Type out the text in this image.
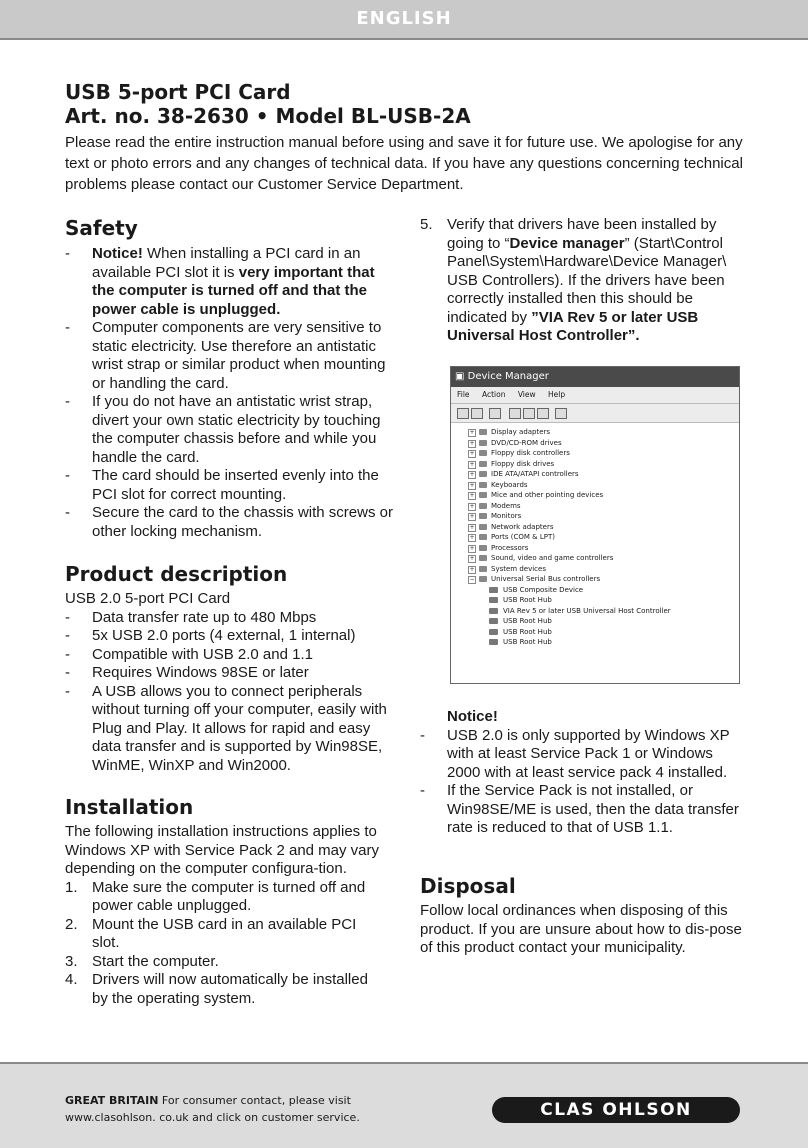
ENGLISH
USB 5-port PCI Card
Art. no. 38-2630 • Model BL-USB-2A

Please read the entire instruction manual before using and save it for future use. We apologise for any text or photo errors and any changes of technical data. If you have any questions concerning technical problems please contact our Customer Service Department.

Safety
- Notice! When installing a PCI card in an available PCI slot it is very important that the computer is turned off and that the power cable is unplugged.
- Computer components are very sensitive to static electricity. Use therefore an antistatic wrist strap or similar product when mounting or handling the card.
- If you do not have an antistatic wrist strap, divert your own static electricity by touching the computer chassis before and while you handle the card.
- The card should be inserted evenly into the PCI slot for correct mounting.
- Secure the card to the chassis with screws or other locking mechanism.
Product description

USB 2.0 5-port PCI Card

- Data transfer rate up to 480 Mbps
- 5x USB 2.0 ports (4 external, 1 internal)
- Compatible with USB 2.0 and 1.1
- Requires Windows 98SE or later
- A USB allows you to connect peripherals without turning off your computer, easily with Plug and Play. It allows for rapid and easy data transfer and is supported by Win98SE, WinME, WinXP and Win2000.
Installation

The following installation instructions applies to Windows XP with Service Pack 2 and may vary depending on the computer configura-tion.

1. Make sure the computer is turned off and power cable unplugged.
2. Mount the USB card in an available PCI slot.
3. Start the computer.
4. Drivers will now automatically be installed by the operating system.
5. Verify that drivers have been installed by going to “Device manager” (Start\Control Panel\System\Hardware\Device Manager\ USB Controllers). If the drivers have been correctly installed then this should be indicated by ”VIA Rev 5 or later USB Universal Host Controller”.
▣ Device Manager
File Action View Help
+ Display adapters
+ DVD/CD-ROM drives
+ Floppy disk controllers
+ Floppy disk drives
+ IDE ATA/ATAPI controllers
+ Keyboards
+ Mice and other pointing devices
+ Modems
+ Monitors
+ Network adapters
+ Ports (COM & LPT)
+ Processors
+ Sound, video and game controllers
+ System devices
− Universal Serial Bus controllers
USB Composite Device
USB Root Hub
VIA Rev 5 or later USB Universal Host Controller
USB Root Hub
USB Root Hub
USB Root Hub

Notice!

- USB 2.0 is only supported by Windows XP with at least Service Pack 1 or Windows 2000 with at least service pack 4 installed.
- If the Service Pack is not installed, or Win98SE/ME is used, then the data transfer rate is reduced to that of USB 1.1.
Disposal

Follow local ordinances when disposing of this product. If you are unsure about how to dis-pose of this product contact your municipality.

GREAT BRITAIN For consumer contact, please visit www.clasohlson. co.uk and click on customer service.	CLAS OHLSON
